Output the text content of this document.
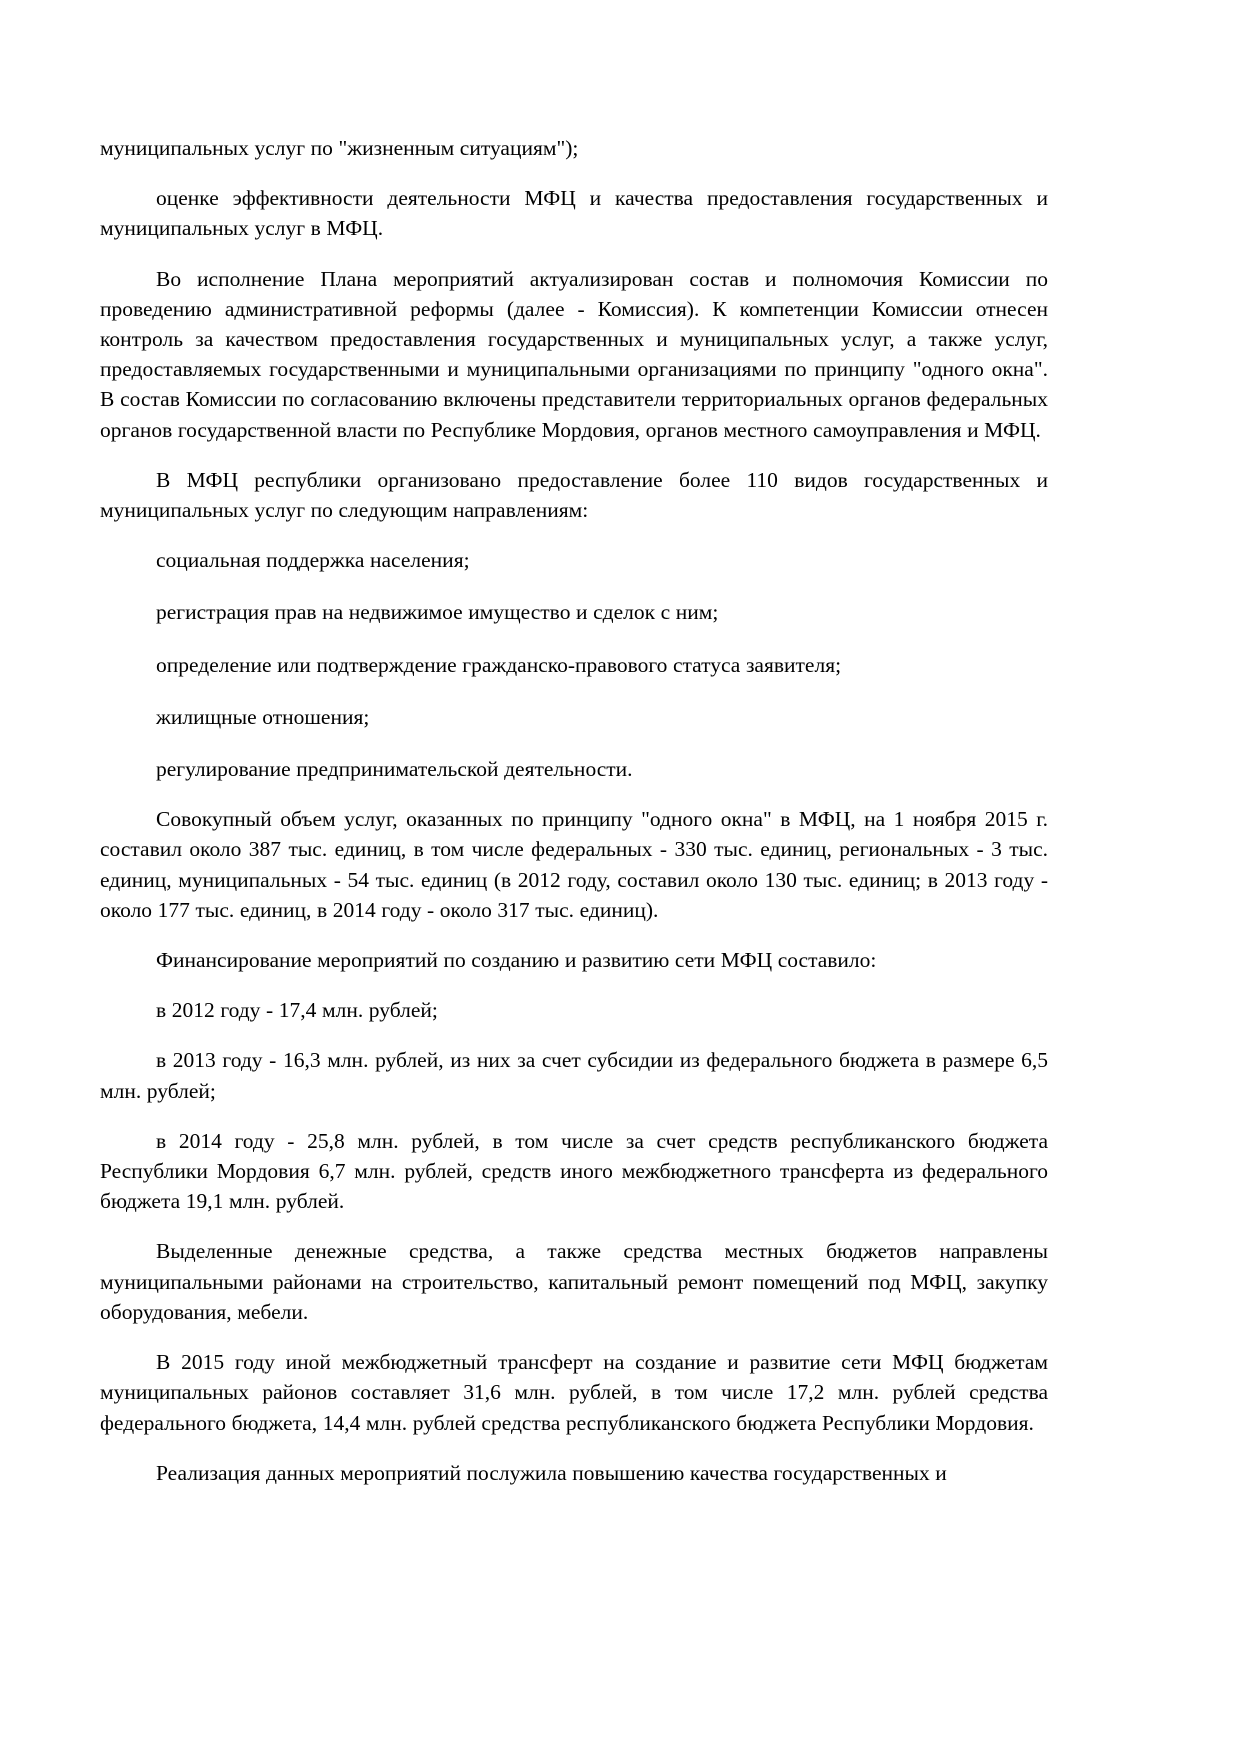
муниципальных услуг по "жизненным ситуациям");

оценке эффективности деятельности МФЦ и качества предоставления государственных и муниципальных услуг в МФЦ.

Во исполнение Плана мероприятий актуализирован состав и полномочия Комиссии по проведению административной реформы (далее - Комиссия). К компетенции Комиссии отнесен контроль за качеством предоставления государственных и муниципальных услуг, а также услуг, предоставляемых государственными и муниципальными организациями по принципу "одного окна". В состав Комиссии по согласованию включены представители территориальных органов федеральных органов государственной власти по Республике Мордовия, органов местного самоуправления и МФЦ.

В МФЦ республики организовано предоставление более 110 видов государственных и муниципальных услуг по следующим направлениям:

социальная поддержка населения;

регистрация прав на недвижимое имущество и сделок с ним;

определение или подтверждение гражданско-правового статуса заявителя;

жилищные отношения;

регулирование предпринимательской деятельности.

Совокупный объем услуг, оказанных по принципу "одного окна" в МФЦ, на 1 ноября 2015 г. составил около 387 тыс. единиц, в том числе федеральных - 330 тыс. единиц, региональных - 3 тыс. единиц, муниципальных - 54 тыс. единиц (в 2012 году, составил около 130 тыс. единиц; в 2013 году - около 177 тыс. единиц, в 2014 году - около 317 тыс. единиц).

Финансирование мероприятий по созданию и развитию сети МФЦ составило:

в 2012 году - 17,4 млн. рублей;

в 2013 году - 16,3 млн. рублей, из них за счет субсидии из федерального бюджета в размере 6,5 млн. рублей;

в 2014 году - 25,8 млн. рублей, в том числе за счет средств республиканского бюджета Республики Мордовия 6,7 млн. рублей, средств иного межбюджетного трансферта из федерального бюджета 19,1 млн. рублей.

Выделенные денежные средства, а также средства местных бюджетов направлены муниципальными районами на строительство, капитальный ремонт помещений под МФЦ, закупку оборудования, мебели.

В 2015 году иной межбюджетный трансферт на создание и развитие сети МФЦ бюджетам муниципальных районов составляет 31,6 млн. рублей, в том числе 17,2 млн. рублей средства федерального бюджета, 14,4 млн. рублей средства республиканского бюджета Республики Мордовия.

Реализация данных мероприятий послужила повышению качества государственных и
